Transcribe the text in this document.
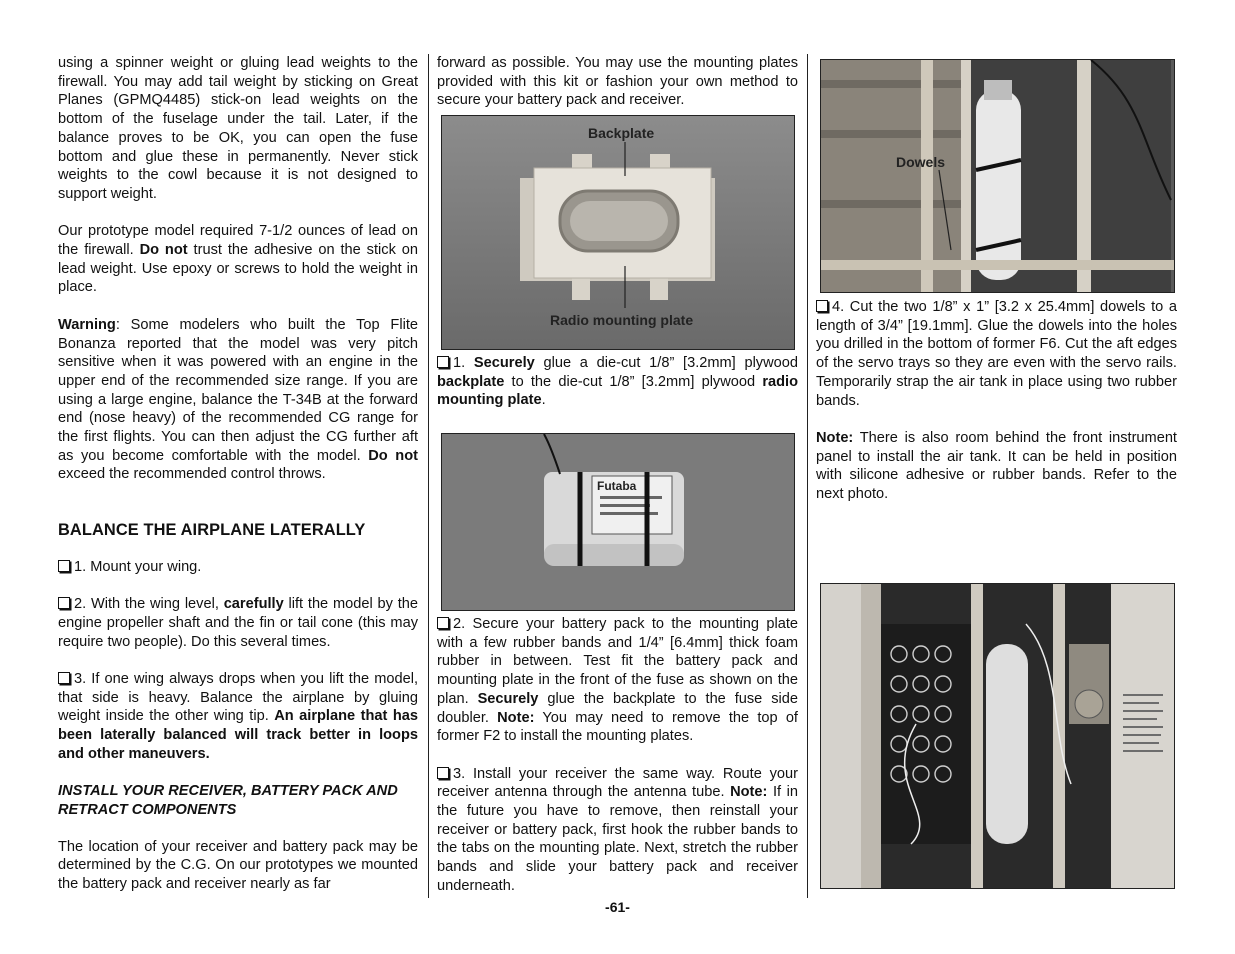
using a spinner weight or gluing lead weights to the firewall. You may add tail weight by sticking on Great Planes (GPMQ4485) stick-on lead weights on the bottom of the fuselage under the tail. Later, if the balance proves to be OK, you can open the fuse bottom and glue these in permanently. Never stick weights to the cowl because it is not designed to support weight.

Our prototype model required 7-1/2 ounces of lead on the firewall. Do not trust the adhesive on the stick on lead weight. Use epoxy or screws to hold the weight in place.

Warning: Some modelers who built the Top Flite Bonanza reported that the model was very pitch sensitive when it was powered with an engine in the upper end of the recommended size range. If you are using a large engine, balance the T-34B at the forward end (nose heavy) of the recommended CG range for the first flights. You can then adjust the CG further aft as you become comfortable with the model. Do not exceed the recommended control throws.

BALANCE THE AIRPLANE LATERALLY

1. Mount your wing.

2. With the wing level, carefully lift the model by the engine propeller shaft and the fin or tail cone (this may require two people). Do this several times.

3. If one wing always drops when you lift the model, that side is heavy. Balance the airplane by gluing weight inside the other wing tip. An airplane that has been laterally balanced will track better in loops and other maneuvers.

INSTALL YOUR RECEIVER, BATTERY PACK AND RETRACT COMPONENTS

The location of your receiver and battery pack may be determined by the C.G. On our prototypes we mounted the battery pack and receiver nearly as far

forward as possible. You may use the mounting plates provided with this kit or fashion your own method to secure your battery pack and receiver.

Backplate
Radio mounting plate

1. Securely glue a die-cut 1/8” [3.2mm] plywood backplate to the die-cut 1/8” [3.2mm] plywood radio mounting plate.

Futaba

2. Secure your battery pack to the mounting plate with a few rubber bands and 1/4” [6.4mm] thick foam rubber in between. Test fit the battery pack and mounting plate in the front of the fuse as shown on the plan. Securely glue the backplate to the fuse side doubler. Note: You may need to remove the top of former F2 to install the mounting plates.

3. Install your receiver the same way. Route your receiver antenna through the antenna tube. Note: If in the future you have to remove, then reinstall your receiver or battery pack, first hook the rubber bands to the tabs on the mounting plate. Next, stretch the rubber bands and slide your battery pack and receiver underneath.

Dowels

4. Cut the two 1/8” x 1” [3.2 x 25.4mm] dowels to a length of 3/4” [19.1mm]. Glue the dowels into the holes you drilled in the bottom of former F6. Cut the aft edges of the servo trays so they are even with the servo rails. Temporarily strap the air tank in place using two rubber bands.

Note: There is also room behind the front instrument panel to install the air tank. It can be held in position with silicone adhesive or rubber bands. Refer to the next photo.

-61-
